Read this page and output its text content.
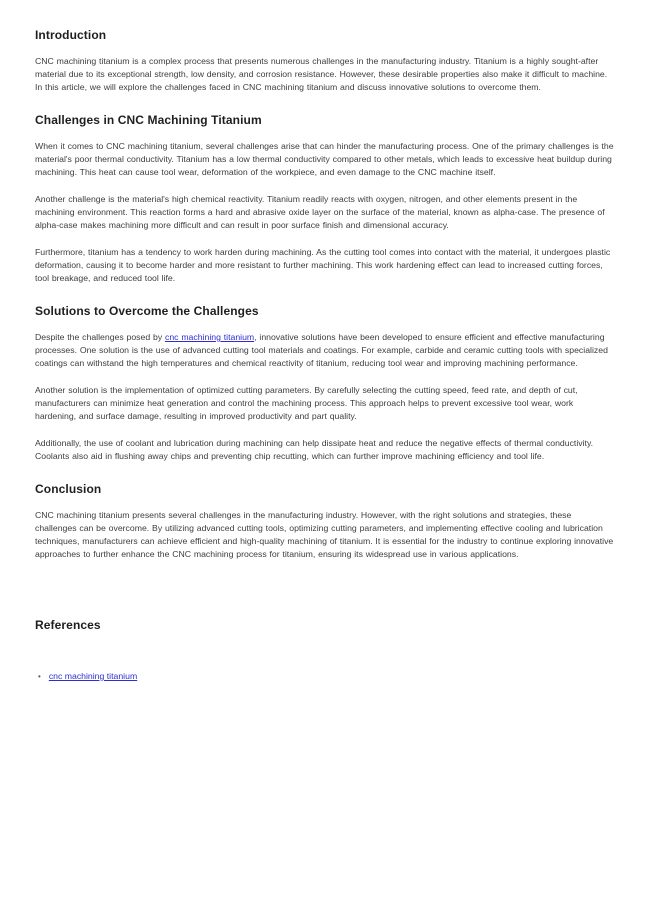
Introduction

CNC machining titanium is a complex process that presents numerous challenges in the manufacturing industry. Titanium is a highly sought-after material due to its exceptional strength, low density, and corrosion resistance. However, these desirable properties also make it difficult to machine. In this article, we will explore the challenges faced in CNC machining titanium and discuss innovative solutions to overcome them.

Challenges in CNC Machining Titanium

When it comes to CNC machining titanium, several challenges arise that can hinder the manufacturing process. One of the primary challenges is the material's poor thermal conductivity. Titanium has a low thermal conductivity compared to other metals, which leads to excessive heat buildup during machining. This heat can cause tool wear, deformation of the workpiece, and even damage to the CNC machine itself.

Another challenge is the material's high chemical reactivity. Titanium readily reacts with oxygen, nitrogen, and other elements present in the machining environment. This reaction forms a hard and abrasive oxide layer on the surface of the material, known as alpha-case. The presence of alpha-case makes machining more difficult and can result in poor surface finish and dimensional accuracy.

Furthermore, titanium has a tendency to work harden during machining. As the cutting tool comes into contact with the material, it undergoes plastic deformation, causing it to become harder and more resistant to further machining. This work hardening effect can lead to increased cutting forces, tool breakage, and reduced tool life.

Solutions to Overcome the Challenges

Despite the challenges posed by cnc machining titanium, innovative solutions have been developed to ensure efficient and effective manufacturing processes. One solution is the use of advanced cutting tool materials and coatings. For example, carbide and ceramic cutting tools with specialized coatings can withstand the high temperatures and chemical reactivity of titanium, reducing tool wear and improving machining performance.

Another solution is the implementation of optimized cutting parameters. By carefully selecting the cutting speed, feed rate, and depth of cut, manufacturers can minimize heat generation and control the machining process. This approach helps to prevent excessive tool wear, work hardening, and surface damage, resulting in improved productivity and part quality.

Additionally, the use of coolant and lubrication during machining can help dissipate heat and reduce the negative effects of thermal conductivity. Coolants also aid in flushing away chips and preventing chip recutting, which can further improve machining efficiency and tool life.

Conclusion

CNC machining titanium presents several challenges in the manufacturing industry. However, with the right solutions and strategies, these challenges can be overcome. By utilizing advanced cutting tools, optimizing cutting parameters, and implementing effective cooling and lubrication techniques, manufacturers can achieve efficient and high-quality machining of titanium. It is essential for the industry to continue exploring innovative approaches to further enhance the CNC machining process for titanium, ensuring its widespread use in various applications.

References
• cnc machining titanium
